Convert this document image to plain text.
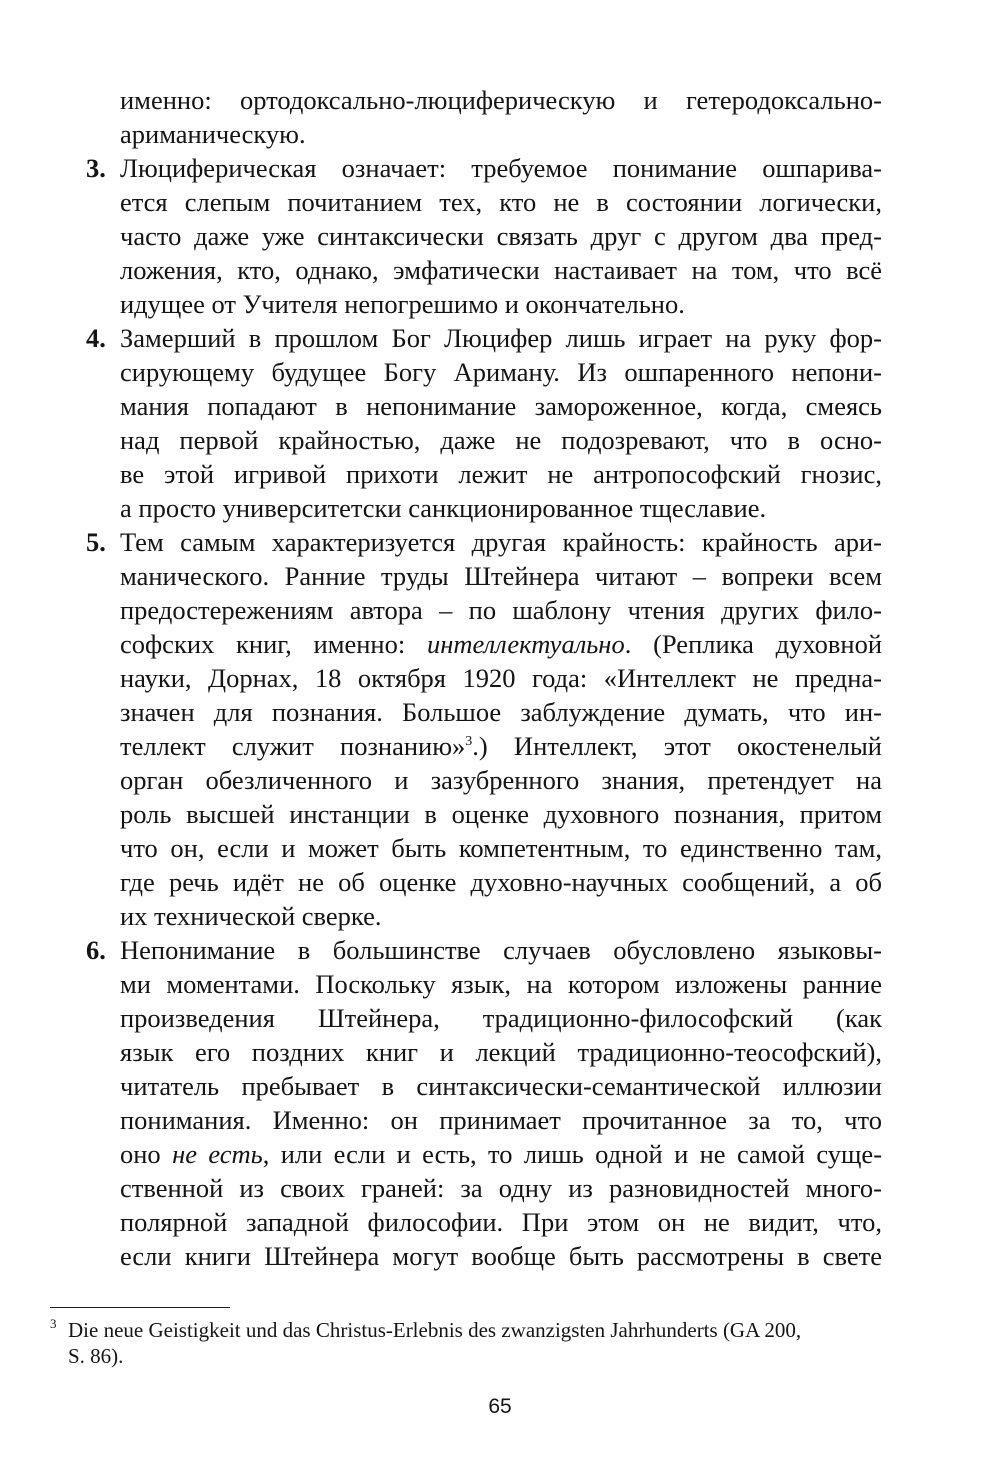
именно: ортодоксально-люциферическую и гетеродоксально-
ариманическую.
3. Люциферическая означает: требуемое понимание ошпарива-
ется слепым почитанием тех, кто не в состоянии логически,
часто даже уже синтаксически связать друг с другом два пред-
ложения, кто, однако, эмфатически настаивает на том, что всё
идущее от Учителя непогрешимо и окончательно.
4. Замерший в прошлом Бог Люцифер лишь играет на руку фор-
сирующему будущее Богу Ариману. Из ошпаренного непони-
мания попадают в непонимание замороженное, когда, смеясь
над первой крайностью, даже не подозревают, что в осно-
ве этой игривой прихоти лежит не антропософский гнозис,
а просто университетски санкционированное тщеславие.
5. Тем самым характеризуется другая крайность: крайность ари-
манического. Ранние труды Штейнера читают – вопреки всем
предостережениям автора – по шаблону чтения других фило-
софских книг, именно: интеллектуально. (Реплика духовной
науки, Дорнах, 18 октября 1920 года: «Интеллект не предна-
значен для познания. Большое заблуждение думать, что ин-
теллект служит познанию»$^3$.) Интеллект, этот окостенелый
орган обезличенного и зазубренного знания, претендует на
роль высшей инстанции в оценке духовного познания, притом
что он, если и может быть компетентным, то единственно там,
где речь идёт не об оценке духовно-научных сообщений, а об
их технической сверке.
6. Непонимание в большинстве случаев обусловлено языковы-
ми моментами. Поскольку язык, на котором изложены ранние
произведения Штейнера, традиционно-философский (как
язык его поздних книг и лекций традиционно-теософский),
читатель пребывает в синтаксически-семантической иллюзии
понимания. Именно: он принимает прочитанное за то, что
оно не есть, или если и есть, то лишь одной и не самой суще-
ственной из своих граней: за одну из разновидностей много-
полярной западной философии. При этом он не видит, что,
если книги Штейнера могут вообще быть рассмотрены в свете
3 Die neue Geistigkeit und das Christus-Erlebnis des zwanzigsten Jahrhunderts (GA 200,
S. 86).
65
